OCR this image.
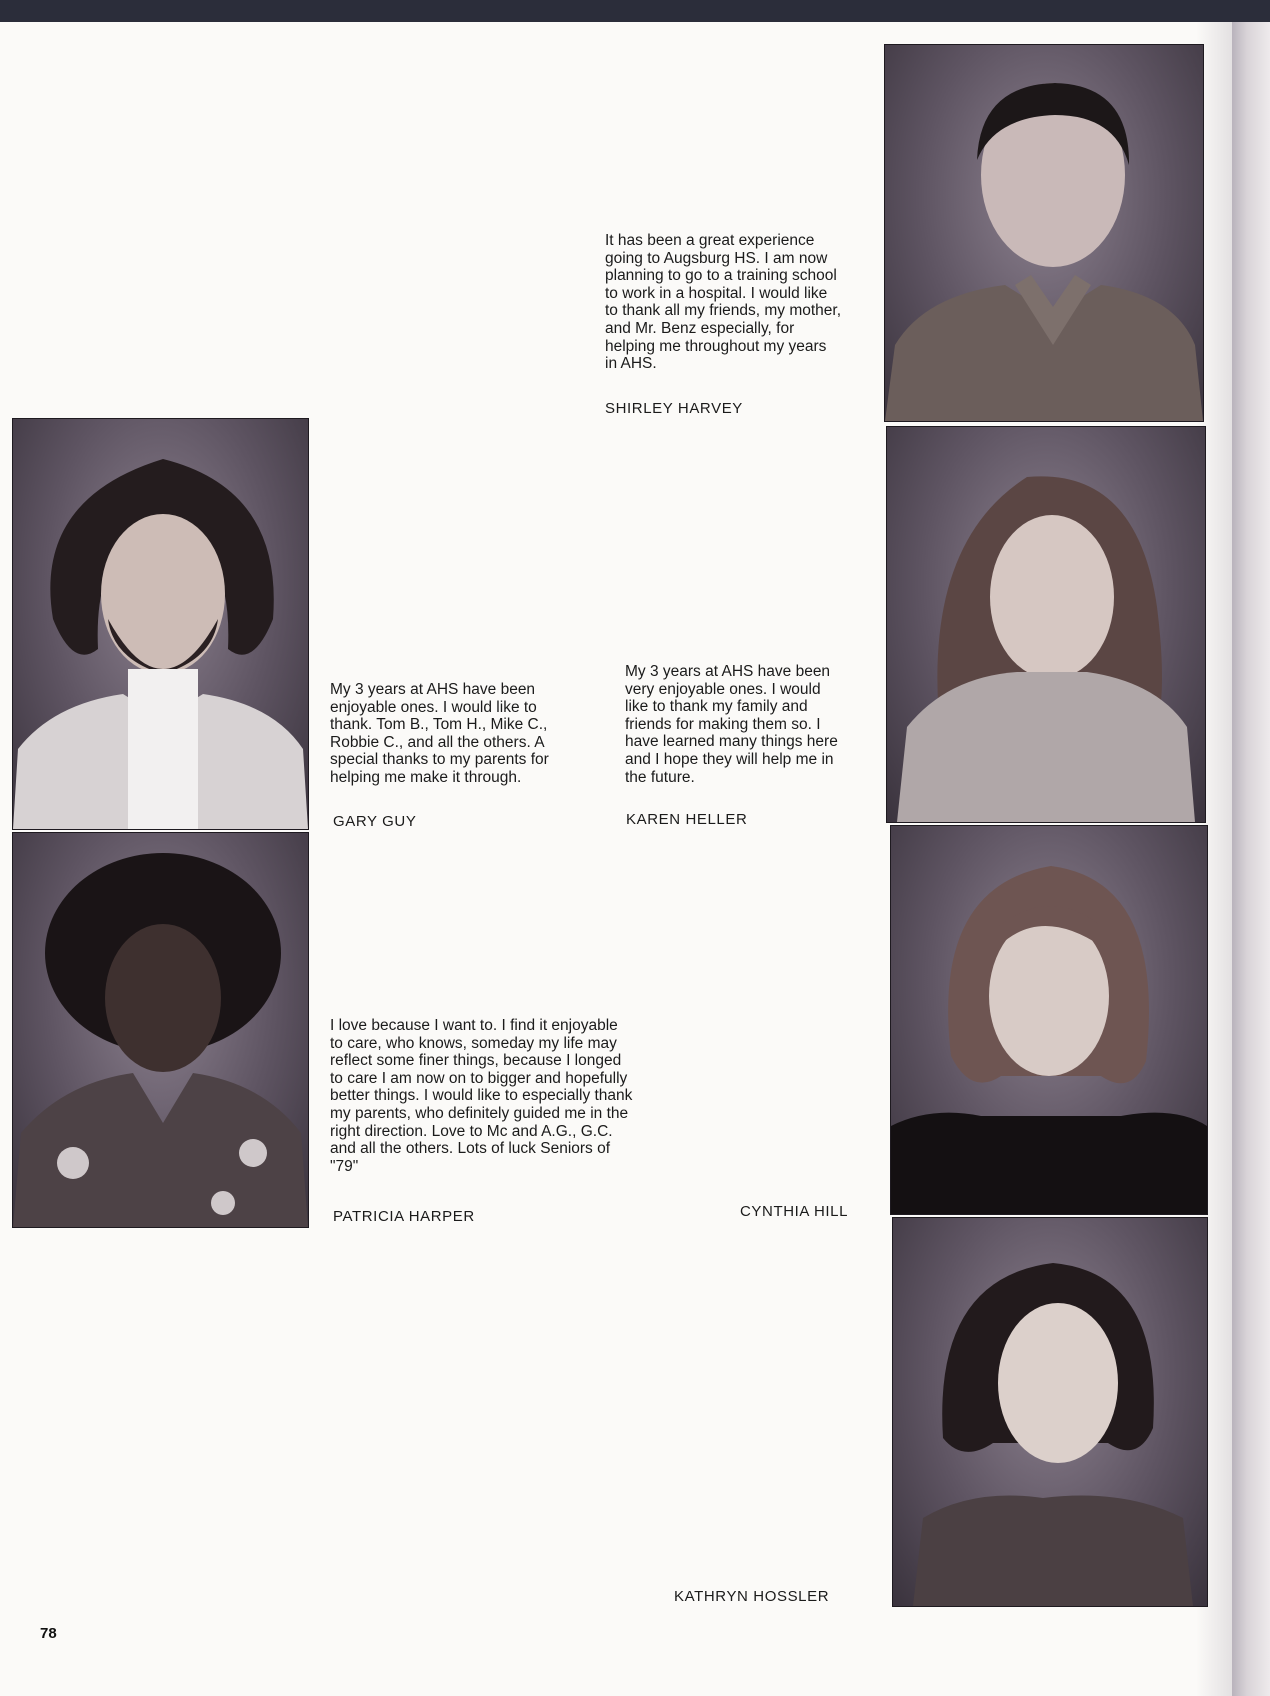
It has been a great experience
going to Augsburg HS. I am now
planning to go to a training school
to work in a hospital. I would like
to thank all my friends, my mother,
and Mr. Benz especially, for
helping me throughout my years
in AHS.

SHIRLEY HARVEY

My 3 years at AHS have been
enjoyable ones. I would like to
thank. Tom B., Tom H., Mike C.,
Robbie C., and all the others. A
special thanks to my parents for
helping me make it through.

GARY GUY

My 3 years at AHS have been
very enjoyable ones. I would
like to thank my family and
friends for making them so. I
have learned many things here
and I hope they will help me in
the future.

KAREN HELLER

I love because I want to. I find it enjoyable
to care, who knows, someday my life may
reflect some finer things, because I longed
to care I am now on to bigger and hopefully
better things. I would like to especially thank
my parents, who definitely guided me in the
right direction. Love to Mc and A.G., G.C.
and all the others. Lots of luck Seniors of
"79"

PATRICIA HARPER	CYNTHIA HILL

KATHRYN HOSSLER

78
